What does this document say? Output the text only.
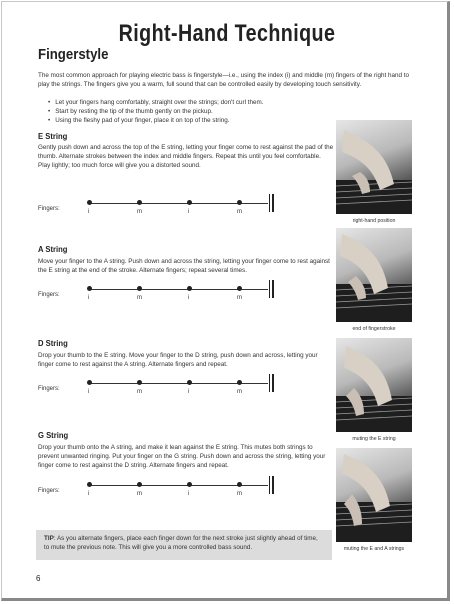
Right-Hand Technique
Fingerstyle

The most common approach for playing electric bass is fingerstyle—i.e., using the index (i) and middle (m) fingers of the right hand to play the strings. The fingers give you a warm, full sound that can be controlled easily by developing touch sensitivity.

• Let your fingers hang comfortably, straight over the strings; don't curl them.
• Start by resting the tip of the thumb gently on the pickup.
• Using the fleshy pad of your finger, place it on top of the string.
E String

Gently push down and across the top of the E string, letting your finger come to rest against the pad of the thumb. Alternate strokes between the index and middle fingers. Repeat this until you feel comfortable. Play lightly; too much force will give you a distorted sound.

Fingers:	i	m	i	m
A String

Move your finger to the A string. Push down and across the string, letting your finger come to rest against the E string at the end of the stroke. Alternate fingers; repeat several times.

Fingers:	i	m	i	m
D String

Drop your thumb to the E string. Move your finger to the D string, push down and across, letting your finger come to rest against the A string. Alternate fingers and repeat.

Fingers:	i	m	i	m
G String

Drop your thumb onto the A string, and make it lean against the E string. This mutes both strings to prevent unwanted ringing. Put your finger on the G string. Push down and across the string, letting your finger come to rest against the D string. Alternate fingers and repeat.

Fingers:	i	m	i	m
right-hand position
end of fingerstroke
muting the E string
muting the E and A strings
TIP: As you alternate fingers, place each finger down for the next stroke just slightly ahead of time, to mute the previous note. This will give you a more controlled bass sound.
6
